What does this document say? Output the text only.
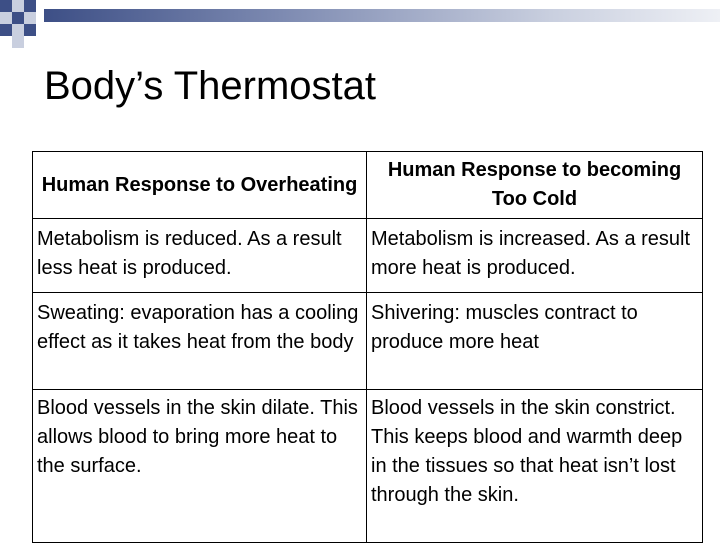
Body’s Thermostat
Human Response to Overheating	Human Response to becoming Too Cold
Metabolism is reduced. As a result less heat is produced.	Metabolism is increased. As a result more heat is produced.
Sweating: evaporation has a cooling effect as it takes heat from the body	Shivering: muscles contract to produce more heat
Blood vessels in the skin dilate. This allows blood to bring more heat to the surface.	Blood vessels in the skin constrict. This keeps blood and warmth deep in the tissues so that heat isn’t lost through the skin.
